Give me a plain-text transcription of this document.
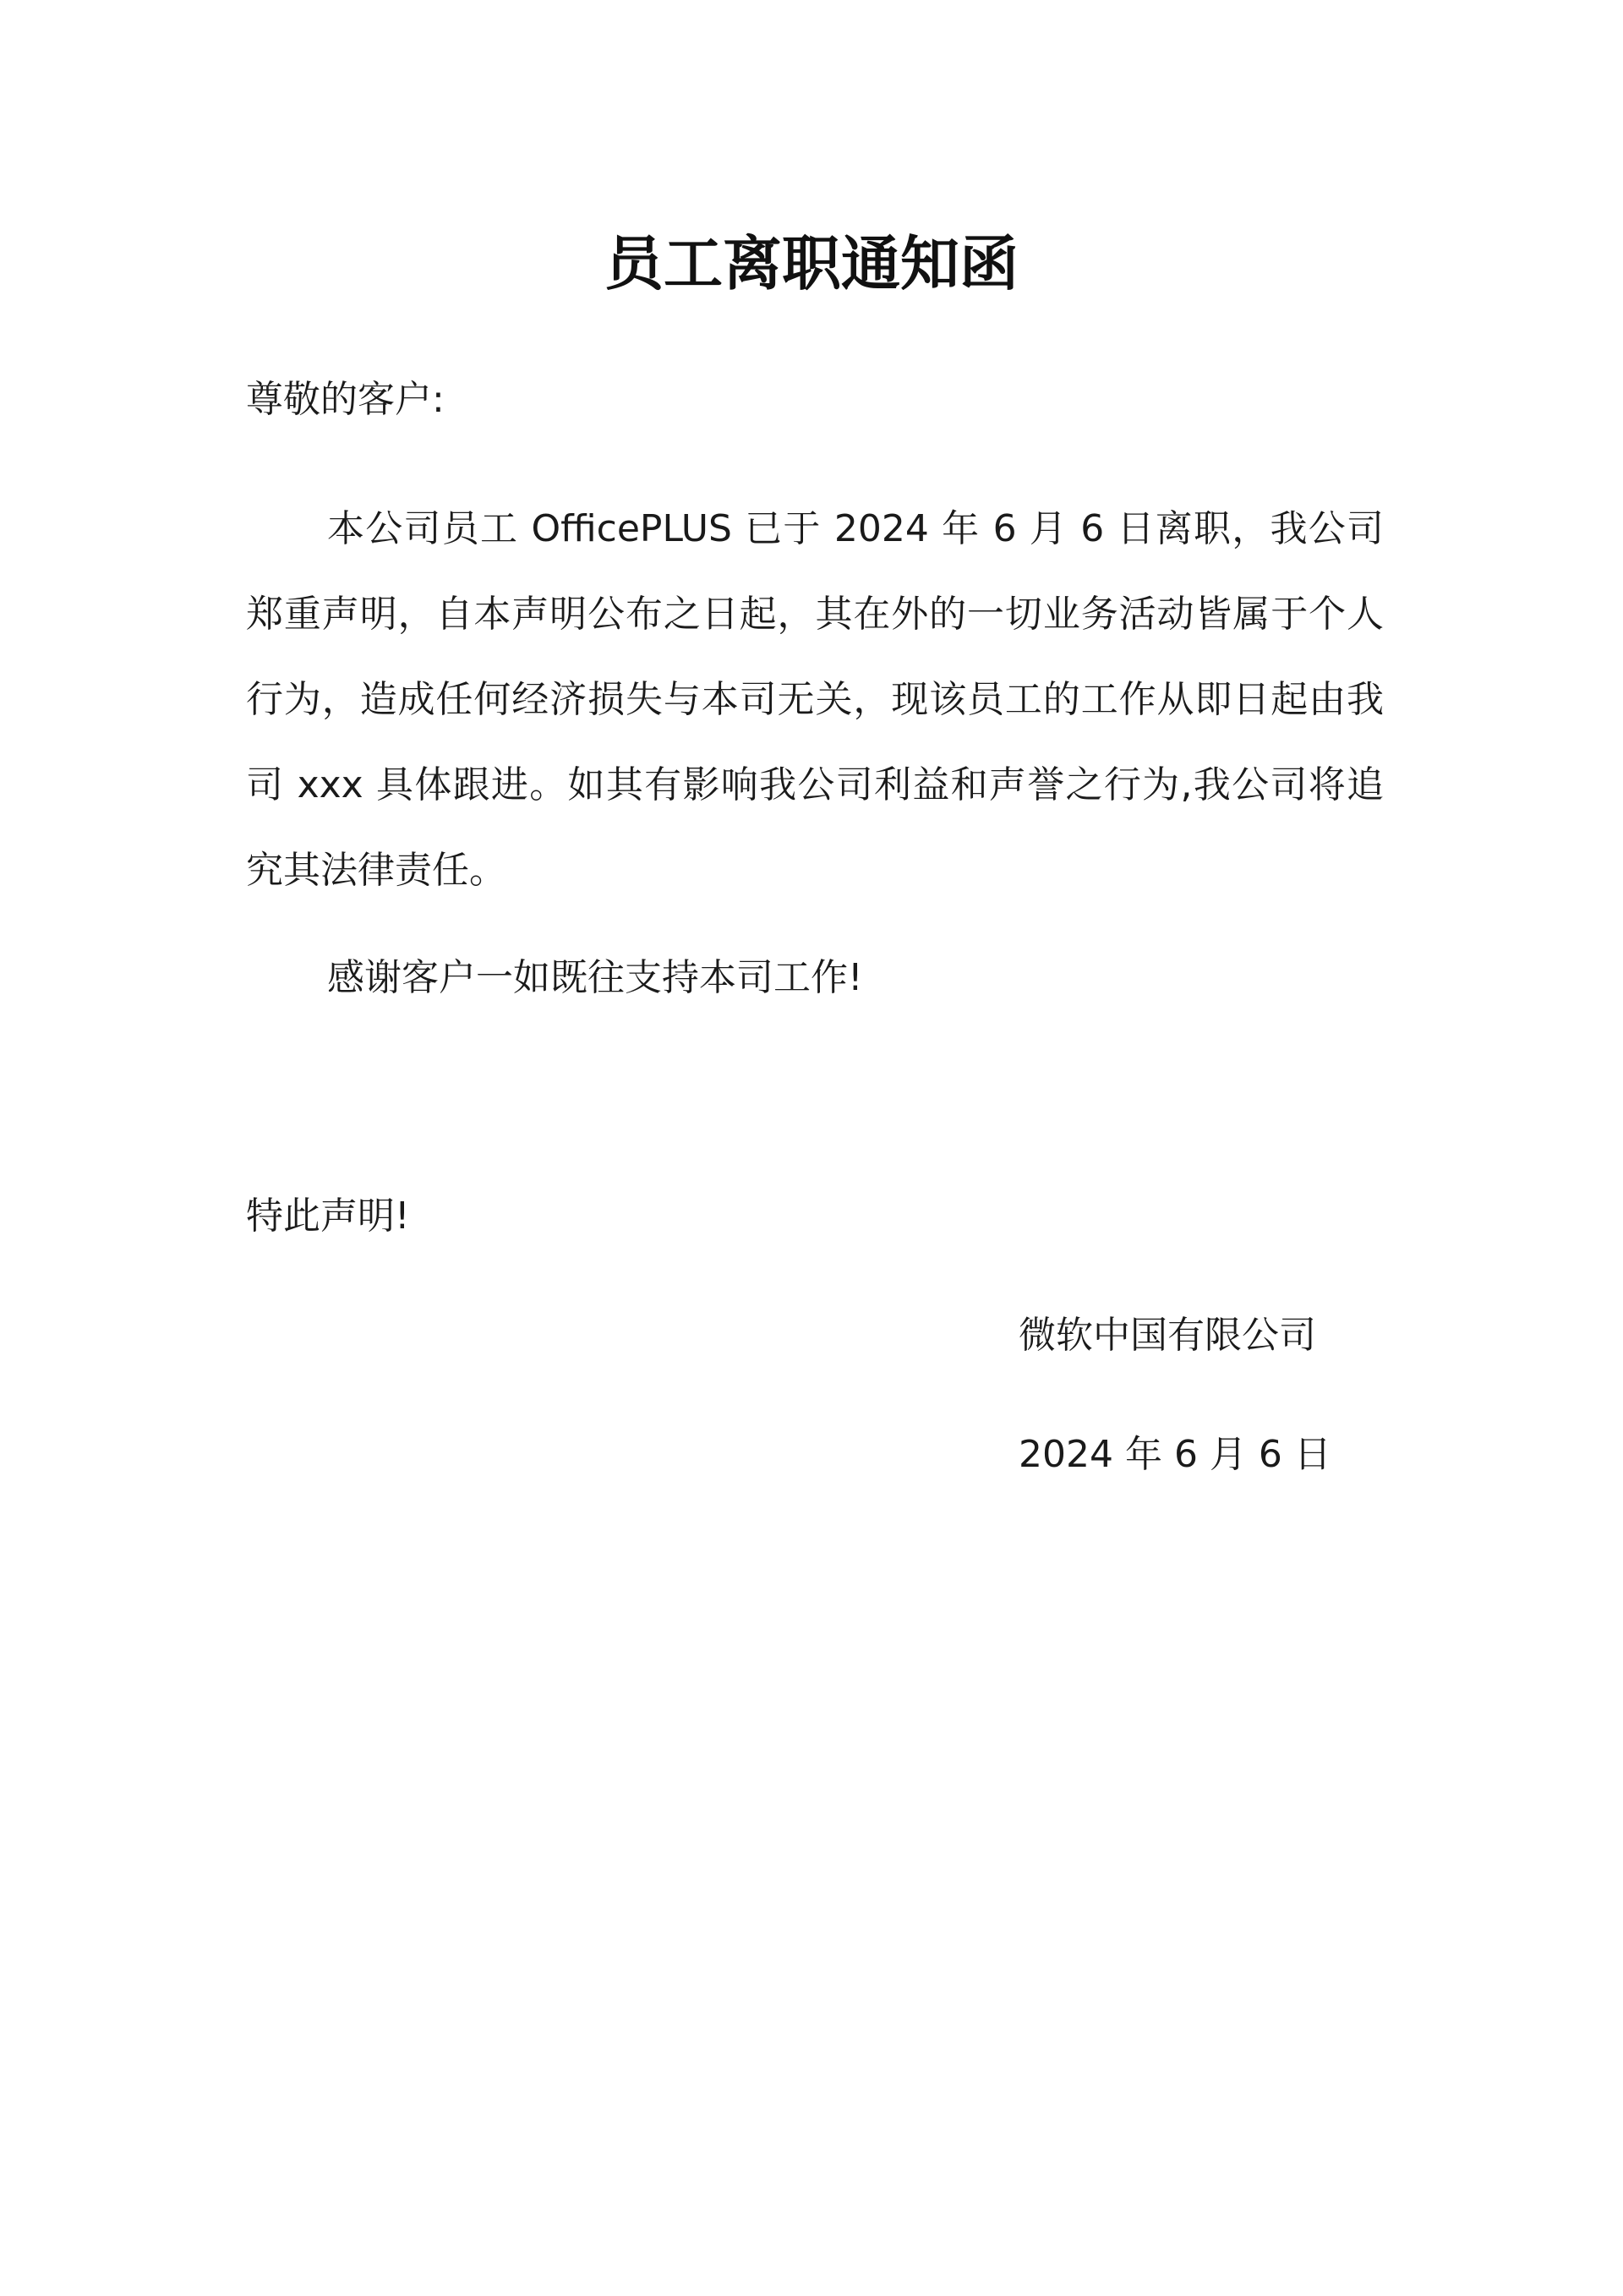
员工离职通知函
尊敬的客户:

本公司员工 OfficePLUS 已于 2024 年 6 月 6 日离职，我公司郑重声明，自本声明公布之日起，其在外的一切业务活动皆属于个人行为，造成任何经济损失与本司无关，现该员工的工作从即日起由我司 xxx 具体跟进。如其有影响我公司利益和声誉之行为,我公司将追究其法律责任。

感谢客户一如既往支持本司工作!
特此声明!
微软中国有限公司
2024 年 6 月 6 日
